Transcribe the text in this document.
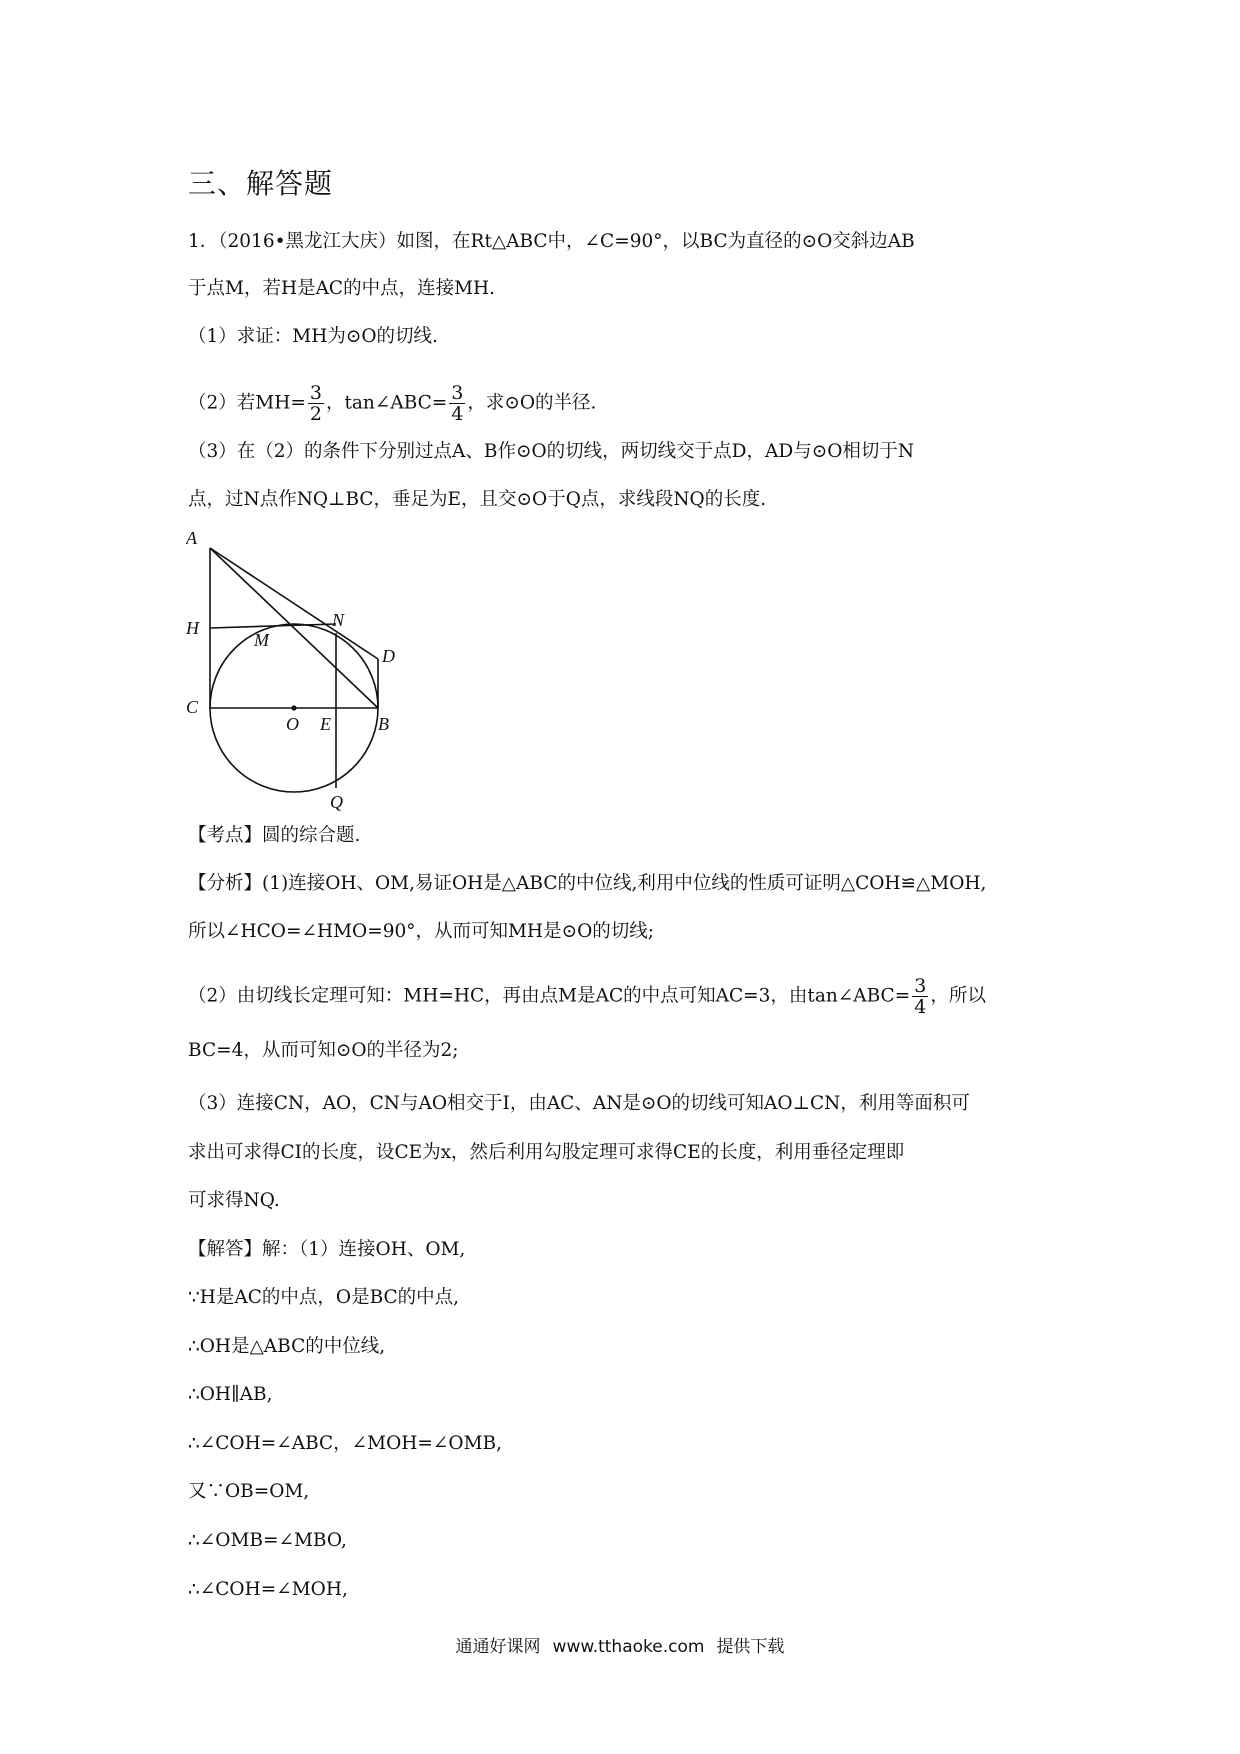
三、解答题
1．（2016•黑龙江大庆）如图，在Rt△ABC中，∠C=90°，以BC为直径的⊙O交斜边AB
于点M，若H是AC的中点，连接MH.
（1）求证：MH为⊙O的切线.
（2）若$MH= \frac{3}{2}$ ，tan∠ABC= $\frac{3}{4}$ ，求⊙O的半径.
（3）在（2）的条件下分别过点A、B作⊙O的切线，两切线交于点D，AD与⊙O相切于N
点，过N点作NQ⊥BC，垂足为E，且交⊙O于Q点，求线段NQ的长度.
A
H
M
N
D
C
O E	B
Q
【考点】圆的综合题.
【分析】(1)连接OH、OM,易证OH是△ABC的中位线,利用中位线的性质可证明△COH≌△MOH,
所以∠HCO=∠HMO=90°，从而可知MH是⊙O的切线;
（2）由切线长定理可知：MH=HC，再由点M是AC的中点可知AC=3，由tan∠ABC= $\frac{3}{4}$ ，所以
BC=4，从而可知⊙O的半径为2;
（3）连接CN，AO，CN与AO相交于I，由AC、AN是⊙O的切线可知AO⊥CN，利用等面积可
求出可求得CI的长度，设CE为x，然后利用勾股定理可求得CE的长度，利用垂径定理即
可求得NQ.
【解答】解：（1）连接OH、OM,
∵H是AC的中点，O是BC的中点,
∴OH是△ABC的中位线,
∴OH∥AB,
∴∠COH=∠ABC，∠MOH=∠OMB,
又∵OB=OM,
∴∠OMB=∠MBO,
∴∠COH=∠MOH,
通通好课网 www.tthaoke.com 提供下载
